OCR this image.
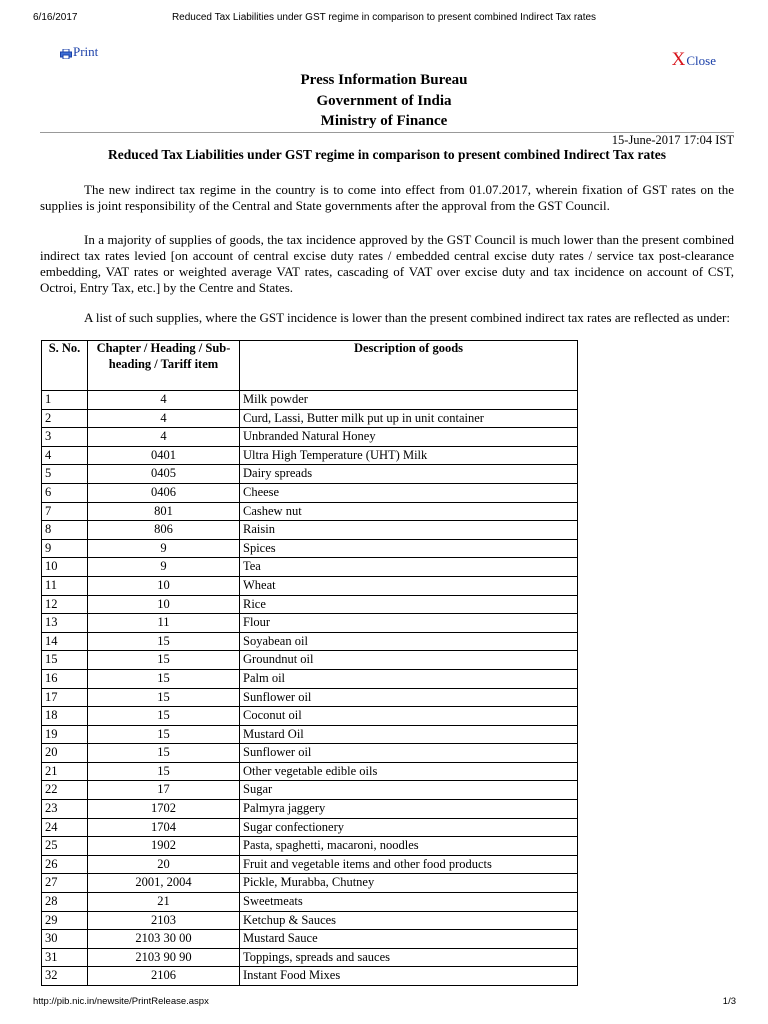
6/16/2017	Reduced Tax Liabilities under GST regime in comparison to present combined Indirect Tax rates
Print	X Close
Press Information Bureau
Government of India
Ministry of Finance
15-June-2017 17:04 IST
Reduced Tax Liabilities under GST regime in comparison to present combined Indirect Tax rates
The new indirect tax regime in the country is to come into effect from 01.07.2017, wherein fixation of GST rates on the supplies is joint responsibility of the Central and State governments after the approval from the GST Council.
In a majority of supplies of goods, the tax incidence approved by the GST Council is much lower than the present combined indirect tax rates levied [on account of central excise duty rates / embedded central excise duty rates / service tax post-clearance embedding, VAT rates or weighted average VAT rates, cascading of VAT over excise duty and tax incidence on account of CST, Octroi, Entry Tax, etc.] by the Centre and States.
A list of such supplies, where the GST incidence is lower than the present combined indirect tax rates are reflected as under:
S. No.	Chapter / Heading / Sub-heading / Tariff item	Description of goods
1	4	Milk powder
2	4	Curd, Lassi, Butter milk put up in unit container
3	4	Unbranded Natural Honey
4	0401	Ultra High Temperature (UHT) Milk
5	0405	Dairy spreads
6	0406	Cheese
7	801	Cashew nut
8	806	Raisin
9	9	Spices
10	9	Tea
11	10	Wheat
12	10	Rice
13	11	Flour
14	15	Soyabean oil
15	15	Groundnut oil
16	15	Palm oil
17	15	Sunflower oil
18	15	Coconut oil
19	15	Mustard Oil
20	15	Sunflower oil
21	15	Other vegetable edible oils
22	17	Sugar
23	1702	Palmyra jaggery
24	1704	Sugar confectionery
25	1902	Pasta, spaghetti, macaroni, noodles
26	20	Fruit and vegetable items and other food products
27	2001, 2004	Pickle, Murabba, Chutney
28	21	Sweetmeats
29	2103	Ketchup & Sauces
30	2103 30 00	Mustard Sauce
31	2103 90 90	Toppings, spreads and sauces
32	2106	Instant Food Mixes
http://pib.nic.in/newsite/PrintRelease.aspx	1/3
